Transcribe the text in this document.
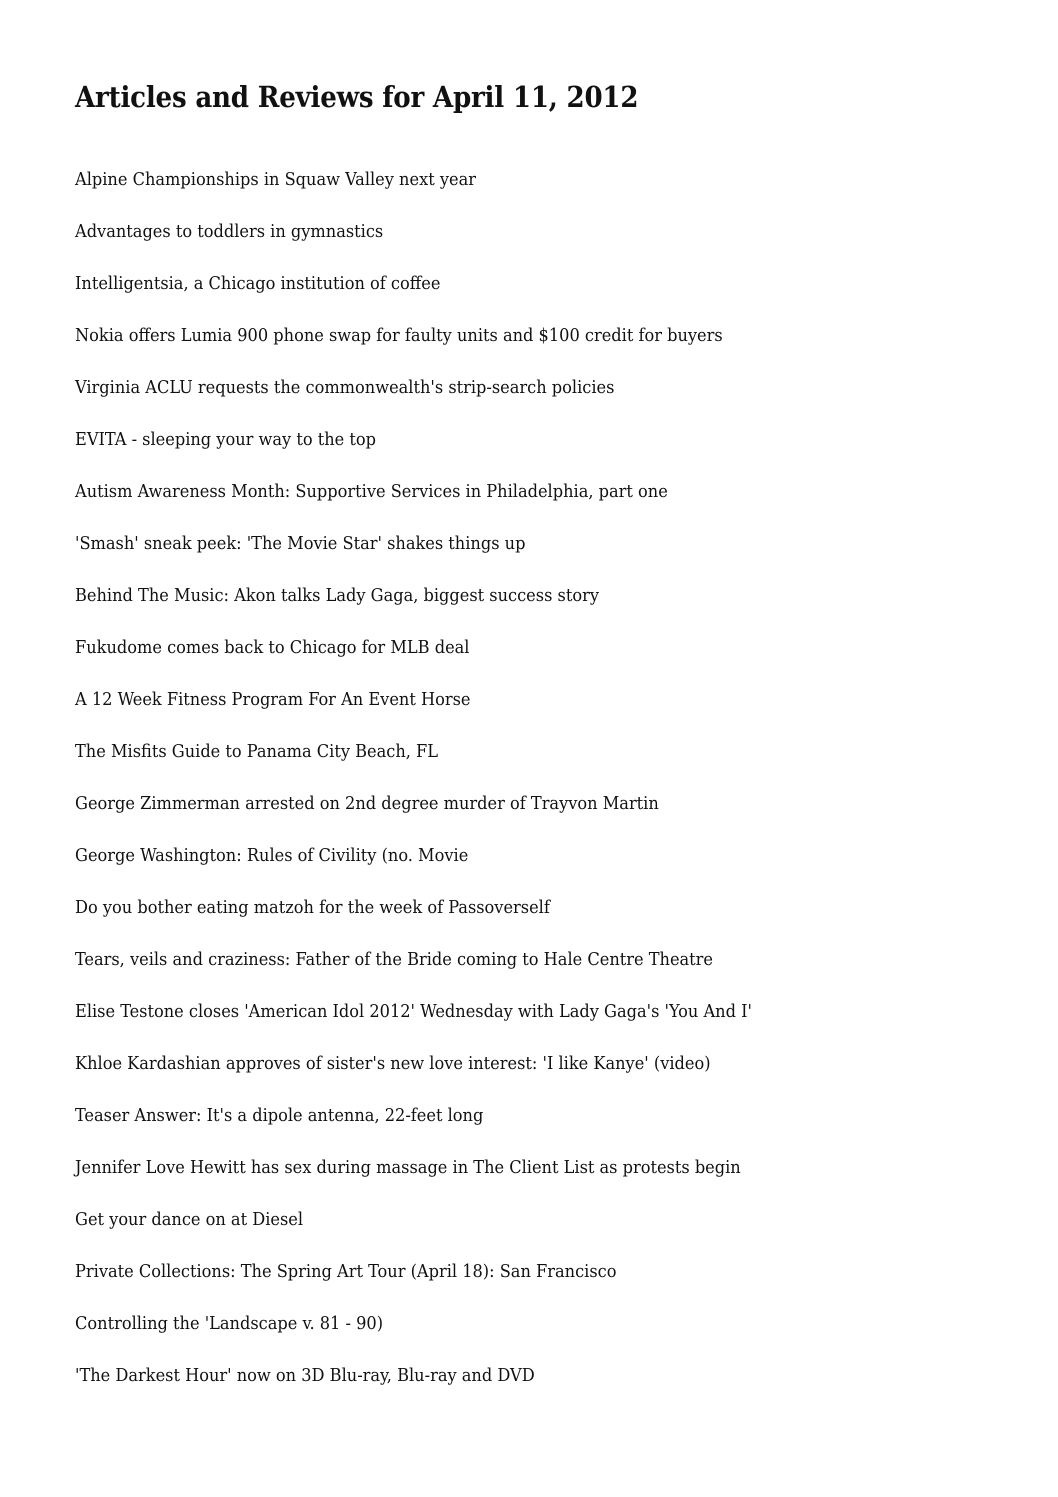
Articles and Reviews for April 11, 2012
Alpine Championships in Squaw Valley next year
Advantages to toddlers in gymnastics
Intelligentsia, a Chicago institution of coffee
Nokia offers Lumia 900 phone swap for faulty units and $100 credit for buyers
Virginia ACLU requests the commonwealth's strip-search policies
EVITA - sleeping your way to the top
Autism Awareness Month: Supportive Services in Philadelphia, part one
'Smash' sneak peek: 'The Movie Star' shakes things up
Behind The Music: Akon talks Lady Gaga, biggest success story
Fukudome comes back to Chicago for MLB deal
A 12 Week Fitness Program For An Event Horse
The Misfits Guide to Panama City Beach, FL
George Zimmerman arrested on 2nd degree murder of Trayvon Martin
George Washington: Rules of Civility (no. Movie
Do you bother eating matzoh for the week of Passoverself
Tears, veils and craziness: Father of the Bride coming to Hale Centre Theatre
Elise Testone closes 'American Idol 2012' Wednesday with Lady Gaga's 'You And I'
Khloe Kardashian approves of sister's new love interest: 'I like Kanye' (video)
Teaser Answer: It's a dipole antenna, 22-feet long
Jennifer Love Hewitt has sex during massage in The Client List as protests begin
Get your dance on at Diesel
Private Collections: The Spring Art Tour (April 18): San Francisco
Controlling the 'Landscape v. 81 - 90)
'The Darkest Hour' now on 3D Blu-ray, Blu-ray and DVD
